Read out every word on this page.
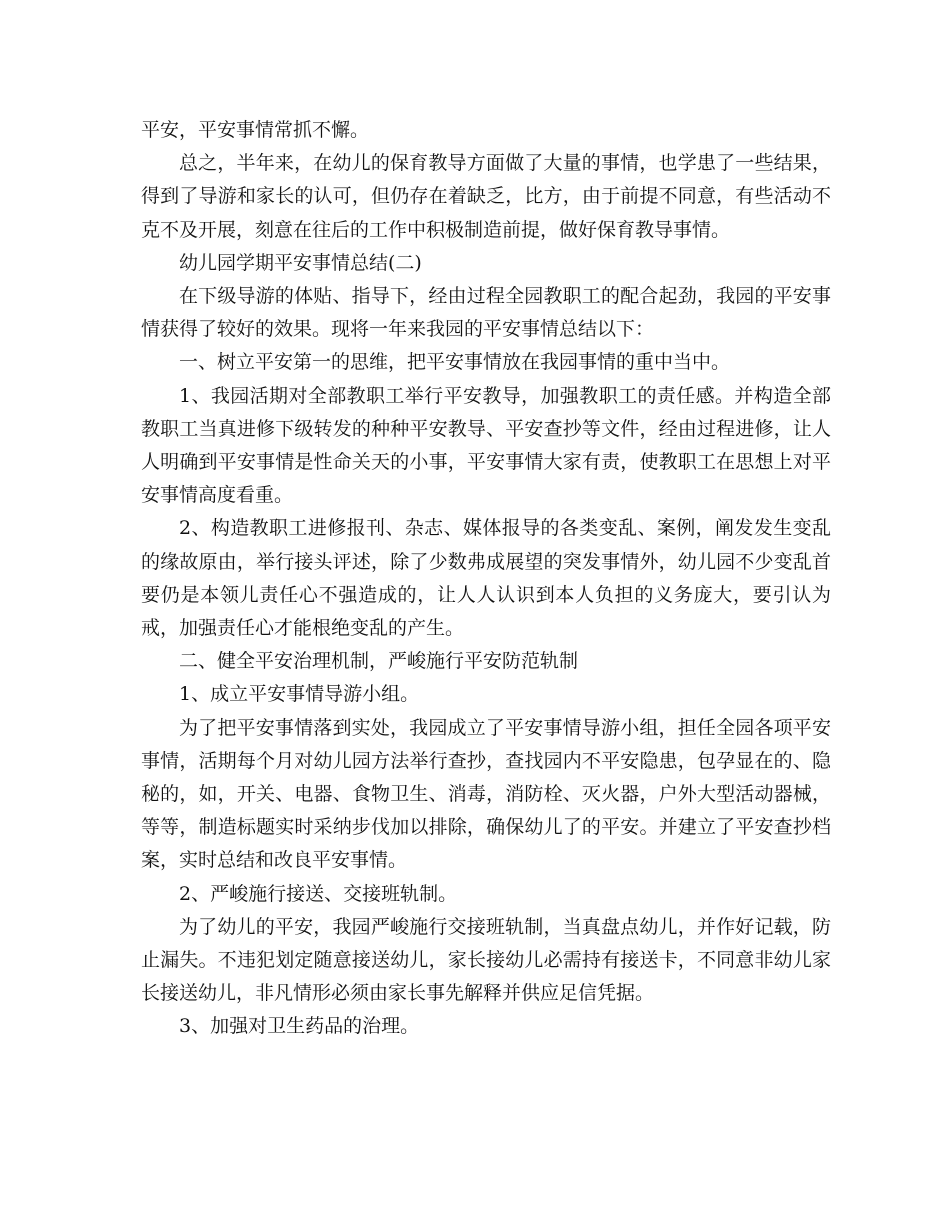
平安，平安事情常抓不懈。

总之，半年来，在幼儿的保育教导方面做了大量的事情，也学患了一些结果，得到了导游和家长的认可，但仍存在着缺乏，比方，由于前提不同意，有些活动不克不及开展，刻意在往后的工作中积极制造前提，做好保育教导事情。

幼儿园学期平安事情总结(二)

在下级导游的体贴、指导下，经由过程全园教职工的配合起劲，我园的平安事情获得了较好的效果。现将一年来我园的平安事情总结以下：

一、树立平安第一的思维，把平安事情放在我园事情的重中当中。

1、我园活期对全部教职工举行平安教导，加强教职工的责任感。并构造全部教职工当真进修下级转发的种种平安教导、平安查抄等文件，经由过程进修，让人人明确到平安事情是性命关天的小事，平安事情大家有责，使教职工在思想上对平安事情高度看重。

2、构造教职工进修报刊、杂志、媒体报导的各类变乱、案例，阐发发生变乱的缘故原由，举行接头评述，除了少数弗成展望的突发事情外，幼儿园不少变乱首要仍是本领儿责任心不强造成的，让人人认识到本人负担的义务庞大，要引认为戒，加强责任心才能根绝变乱的产生。

二、健全平安治理机制，严峻施行平安防范轨制

1、成立平安事情导游小组。

为了把平安事情落到实处，我园成立了平安事情导游小组，担任全园各项平安事情，活期每个月对幼儿园方法举行查抄，查找园内不平安隐患，包孕显在的、隐秘的，如，开关、电器、食物卫生、消毒，消防栓、灭火器，户外大型活动器械，等等，制造标题实时采纳步伐加以排除，确保幼儿了的平安。并建立了平安查抄档案，实时总结和改良平安事情。

2、严峻施行接送、交接班轨制。

为了幼儿的平安，我园严峻施行交接班轨制，当真盘点幼儿，并作好记载，防止漏失。不违犯划定随意接送幼儿，家长接幼儿必需持有接送卡，不同意非幼儿家长接送幼儿，非凡情形必须由家长事先解释并供应足信凭据。

3、加强对卫生药品的治理。
